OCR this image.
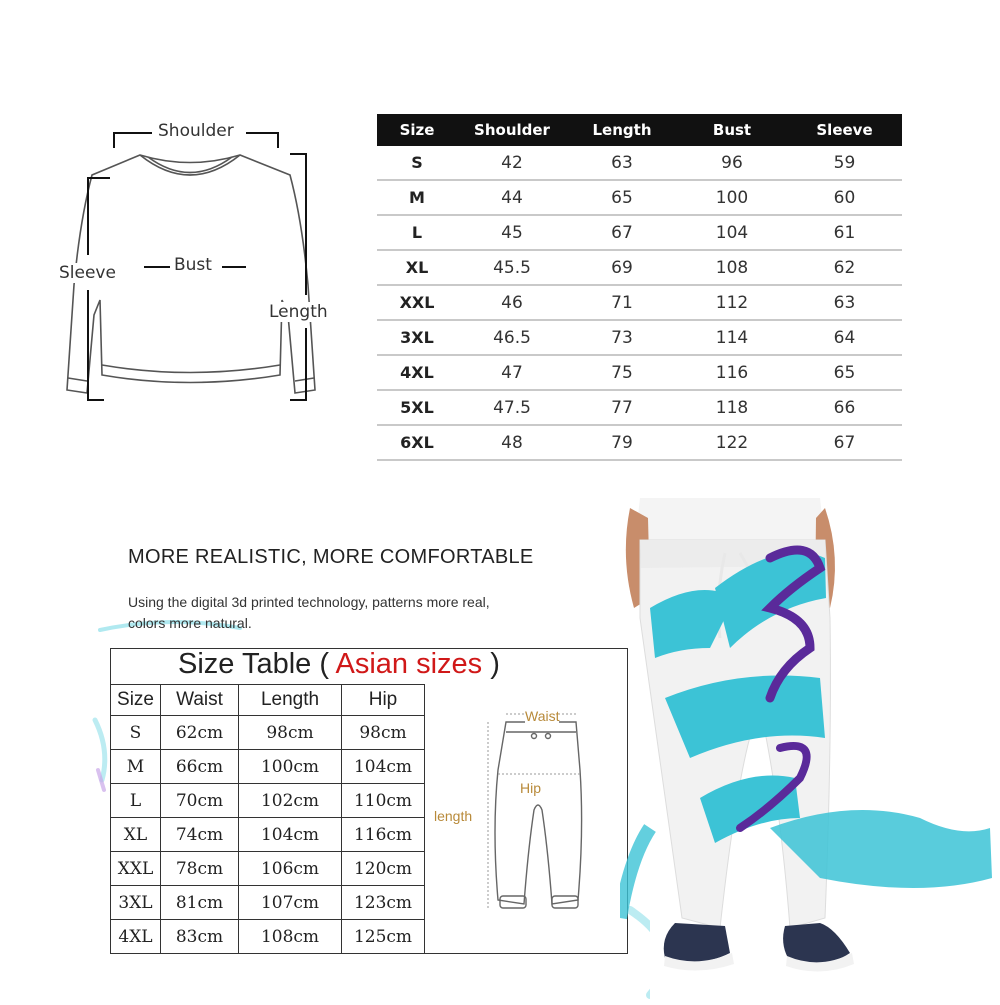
Shoulder
Sleeve	Bust
Length
Size	Shoulder	Length	Bust	Sleeve
S	42	63	96	59
M	44	65	100	60
L	45	67	104	61
XL	45.5	69	108	62
XXL	46	71	112	63
3XL	46.5	73	114	64
4XL	47	75	116	65
5XL	47.5	77	118	66
6XL	48	79	122	67
MORE REALISTIC, MORE COMFORTABLE
Using the digital 3d printed technology, patterns more real,
colors more natural.
Size Table ( Asian sizes )
Size	Waist	Length	Hip
S	62cm	98cm	98cm
M	66cm	100cm	104cm
L	70cm	102cm	110cm
XL	74cm	104cm	116cm
XXL	78cm	106cm	120cm
3XL	81cm	107cm	123cm
4XL	83cm	108cm	125cm
Waist
Hip
length
